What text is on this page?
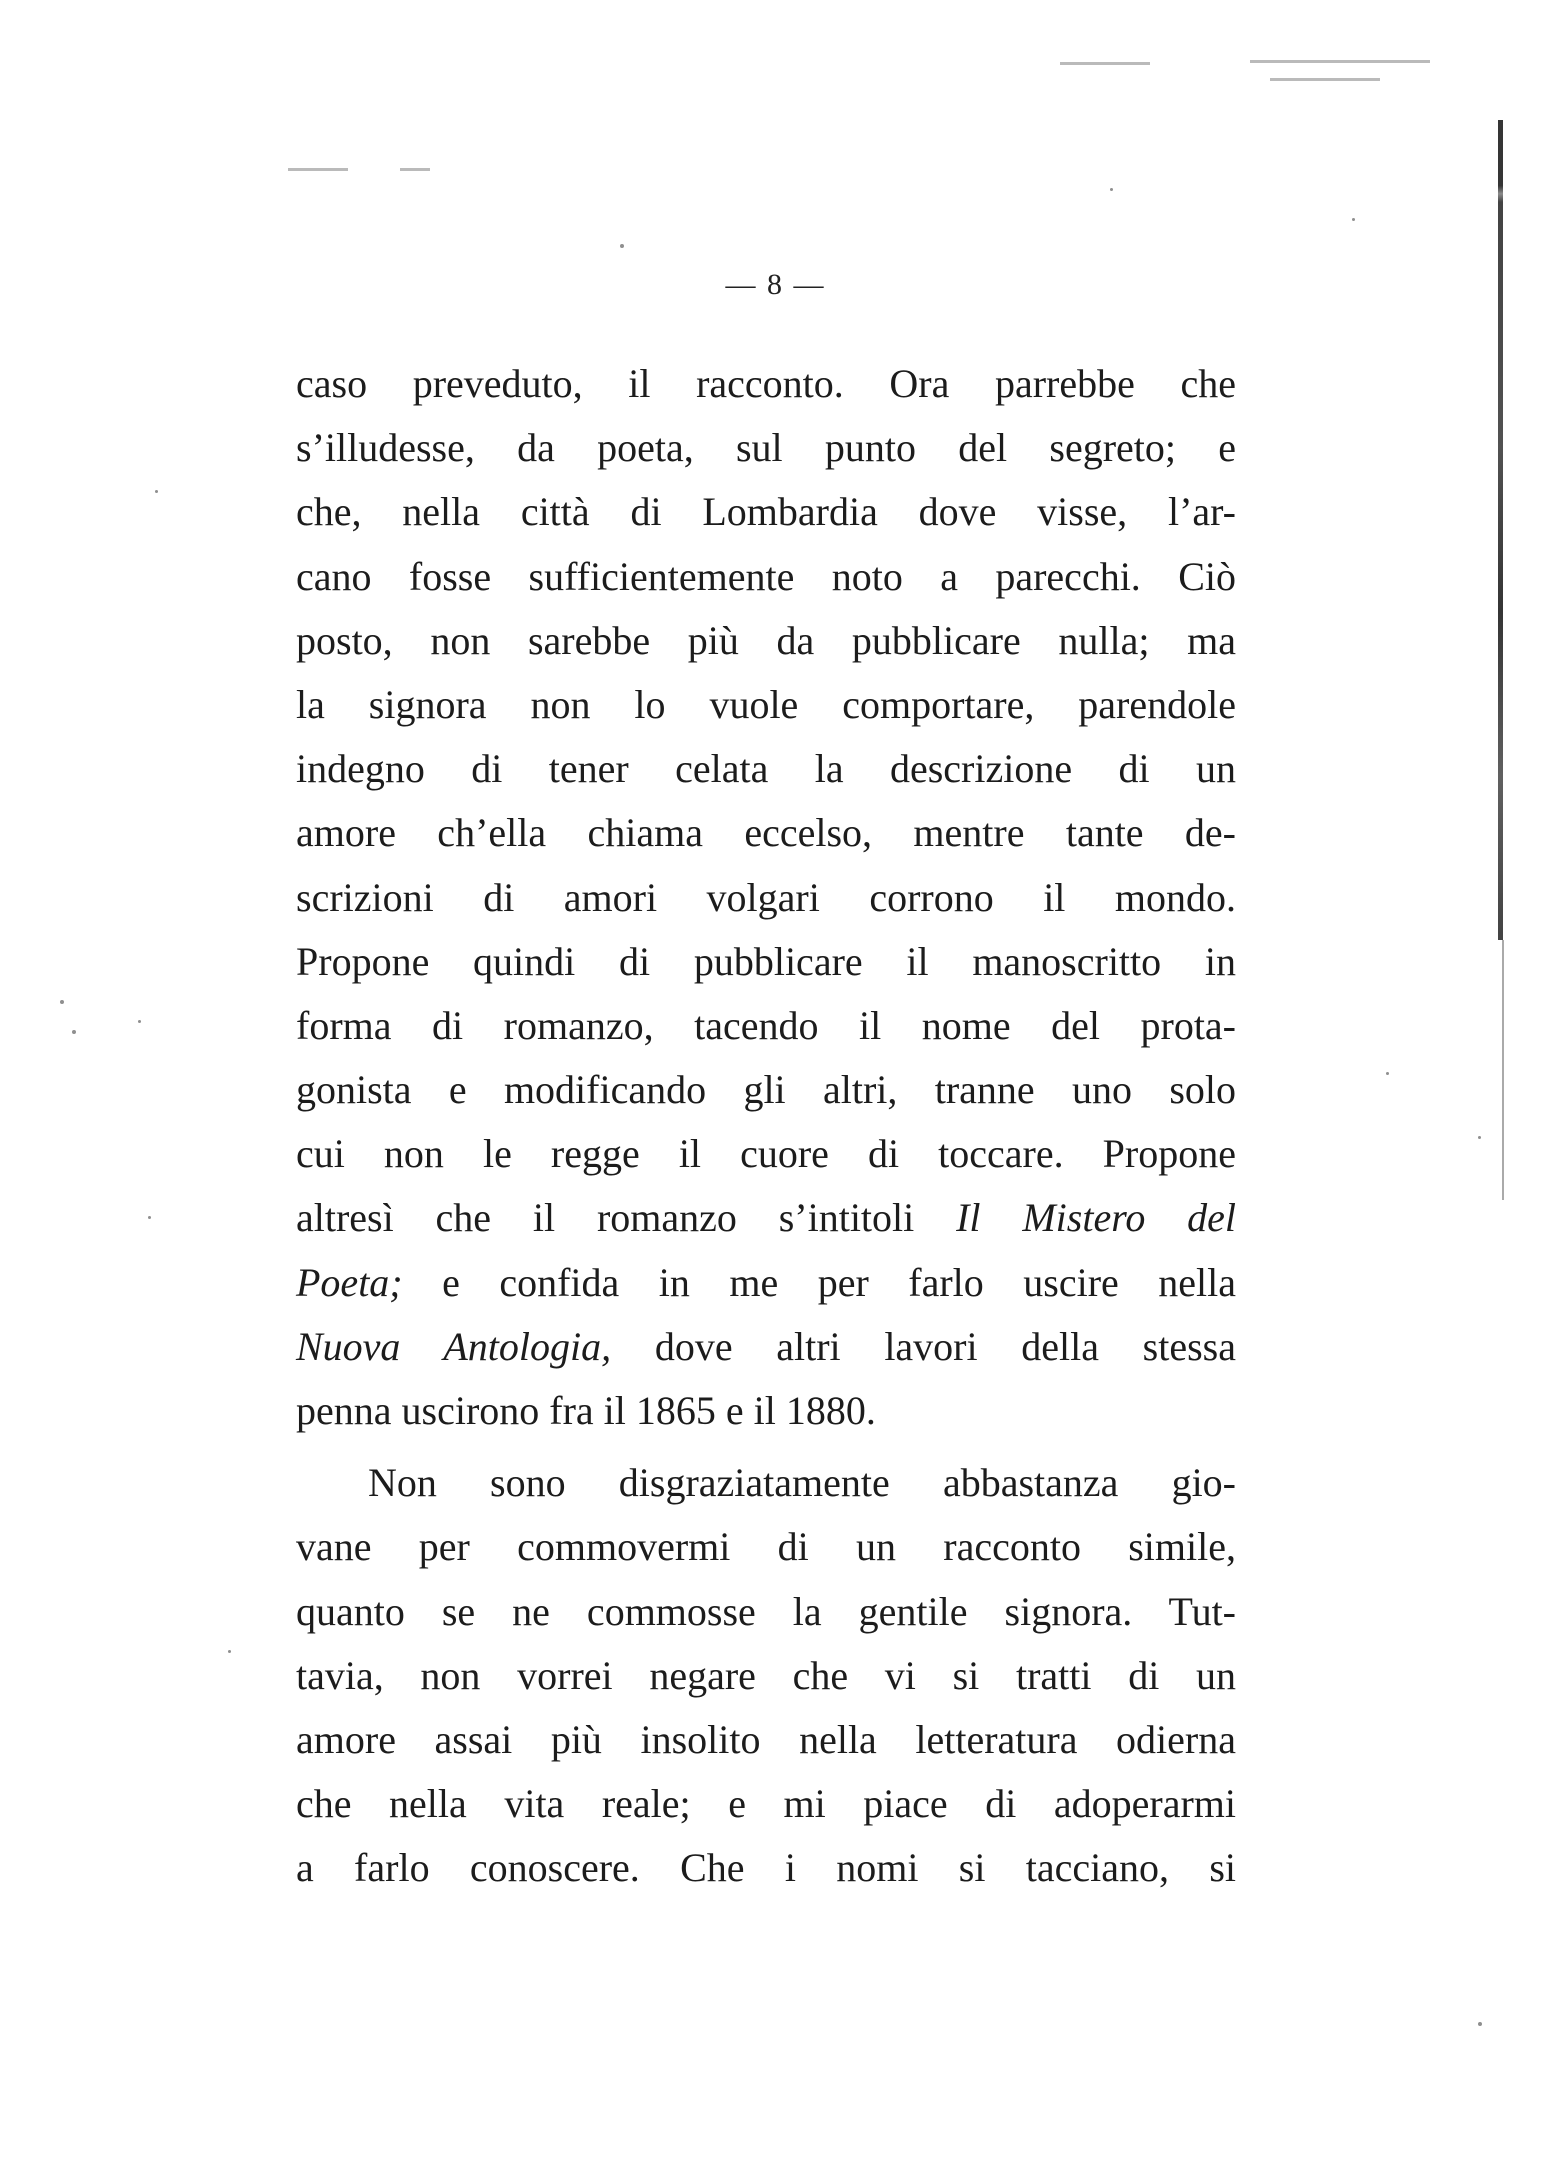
— 8 —
caso preveduto, il racconto. Ora parrebbe che
s’illudesse, da poeta, sul punto del segreto; e
che, nella città di Lombardia dove visse, l’ar-
cano fosse sufficientemente noto a parecchi. Ciò
posto, non sarebbe più da pubblicare nulla; ma
la signora non lo vuole comportare, parendole
indegno di tener celata la descrizione di un
amore ch’ella chiama eccelso, mentre tante de-
scrizioni di amori volgari corrono il mondo.
Propone quindi di pubblicare il manoscritto in
forma di romanzo, tacendo il nome del prota-
gonista e modificando gli altri, tranne uno solo
cui non le regge il cuore di toccare. Propone
altresì che il romanzo s’intitoli Il Mistero del
Poeta; e confida in me per farlo uscire nella
Nuova Antologia, dove altri lavori della stessa
penna uscirono fra il 1865 e il 1880.
Non sono disgraziatamente abbastanza gio-
vane per commovermi di un racconto simile,
quanto se ne commosse la gentile signora. Tut-
tavia, non vorrei negare che vi si tratti di un
amore assai più insolito nella letteratura odierna
che nella vita reale; e mi piace di adoperarmi
a farlo conoscere. Che i nomi si tacciano, si
